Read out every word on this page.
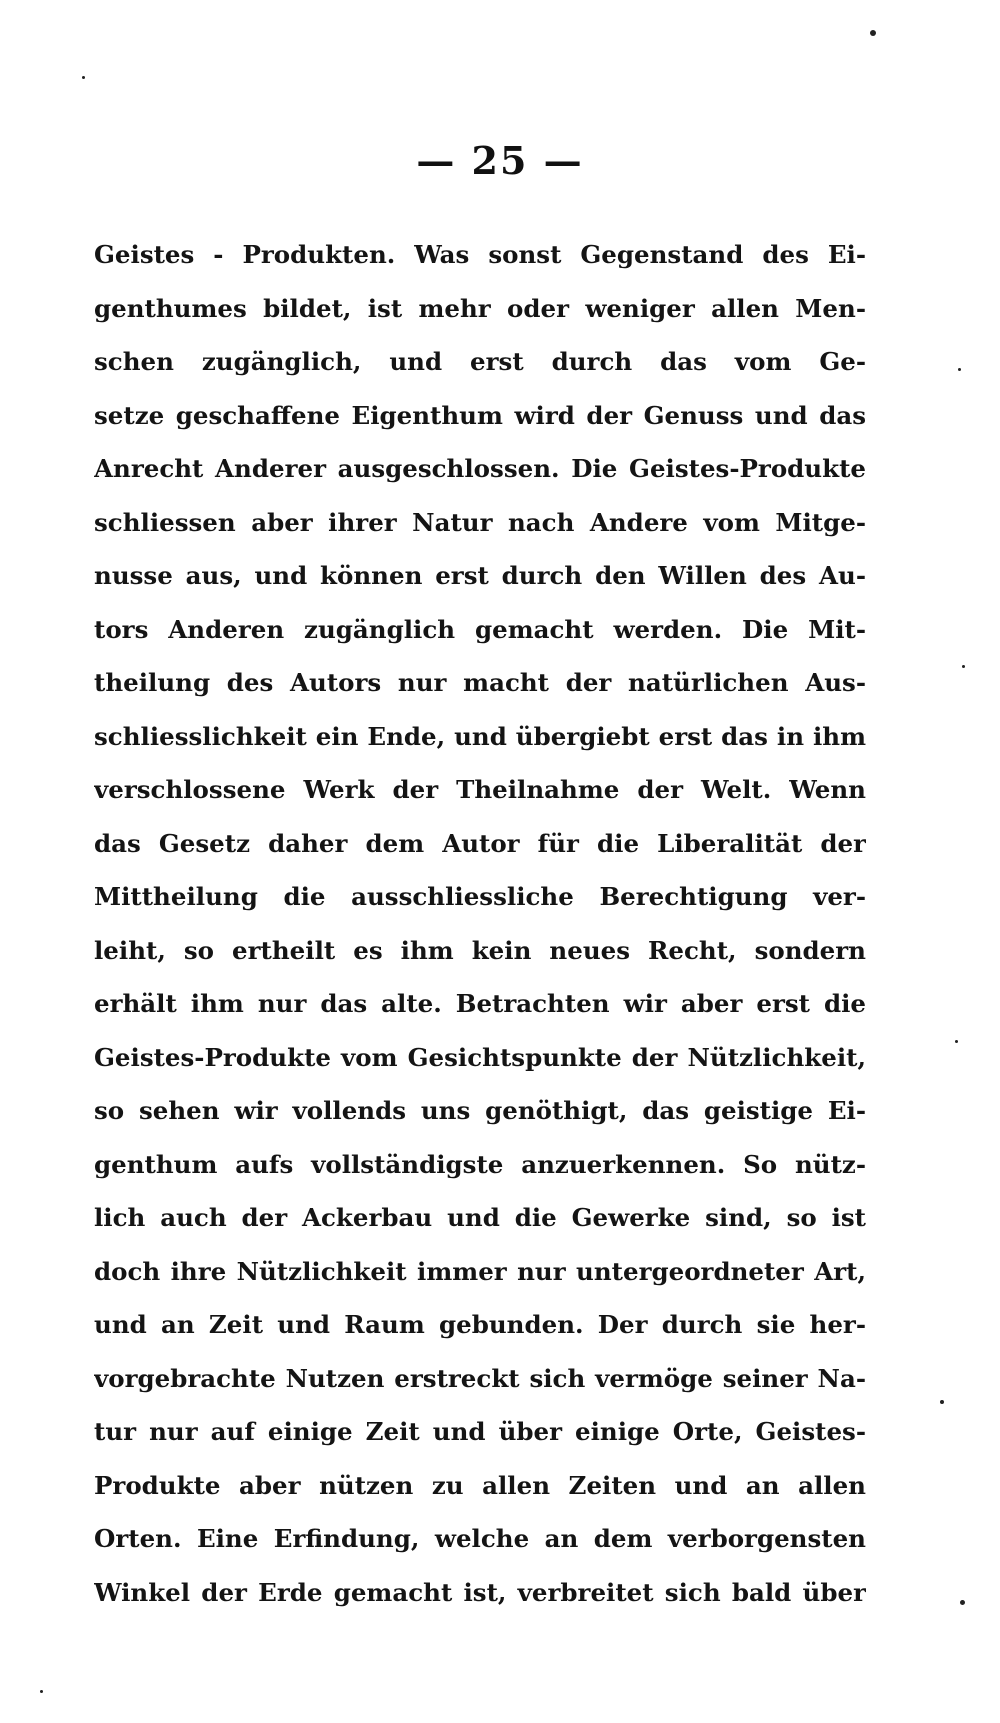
— 25 —
Geistes - Produkten. Was sonst Gegenstand des Ei-
genthumes bildet, ist mehr oder weniger allen Men-
schen zugänglich, und erst durch das vom Ge-
setze geschaffene Eigenthum wird der Genuss und das
Anrecht Anderer ausgeschlossen. Die Geistes-Produkte
schliessen aber ihrer Natur nach Andere vom Mitge-
nusse aus, und können erst durch den Willen des Au-
tors Anderen zugänglich gemacht werden. Die Mit-
theilung des Autors nur macht der natürlichen Aus-
schliesslichkeit ein Ende, und übergiebt erst das in ihm
verschlossene Werk der Theilnahme der Welt. Wenn
das Gesetz daher dem Autor für die Liberalität der
Mittheilung die ausschliessliche Berechtigung ver-
leiht, so ertheilt es ihm kein neues Recht, sondern
erhält ihm nur das alte. Betrachten wir aber erst die
Geistes-Produkte vom Gesichtspunkte der Nützlichkeit,
so sehen wir vollends uns genöthigt, das geistige Ei-
genthum aufs vollständigste anzuerkennen. So nütz-
lich auch der Ackerbau und die Gewerke sind, so ist
doch ihre Nützlichkeit immer nur untergeordneter Art,
und an Zeit und Raum gebunden. Der durch sie her-
vorgebrachte Nutzen erstreckt sich vermöge seiner Na-
tur nur auf einige Zeit und über einige Orte, Geistes-
Produkte aber nützen zu allen Zeiten und an allen
Orten. Eine Erfindung, welche an dem verborgensten
Winkel der Erde gemacht ist, verbreitet sich bald über
